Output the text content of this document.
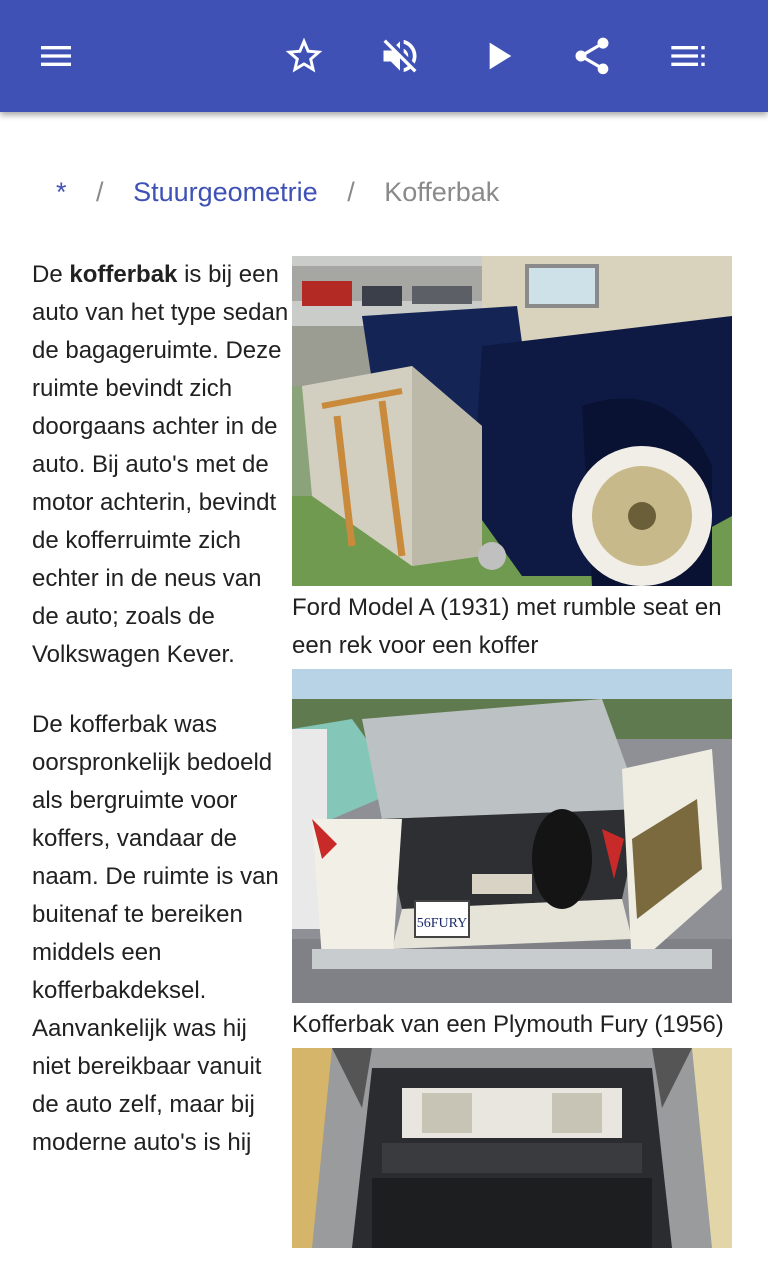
* / Stuurgeometrie / Kofferbak
Ford Model A (1931) met rumble seat en een rek voor een koffer
56FURY
Kofferbak van een Plymouth Fury (1956)

De kofferbak is bij een auto van het type sedan de bagageruimte. Deze ruimte bevindt zich doorgaans achter in de auto. Bij auto's met de motor achterin, bevindt de kofferruimte zich echter in de neus van de auto; zoals de Volkswagen Kever.

De kofferbak was oorspronkelijk bedoeld als bergruimte voor koffers, vandaar de naam. De ruimte is van buitenaf te bereiken middels een kofferbakdeksel. Aanvankelijk was hij niet bereikbaar vanuit de auto zelf, maar bij moderne auto's is hij
